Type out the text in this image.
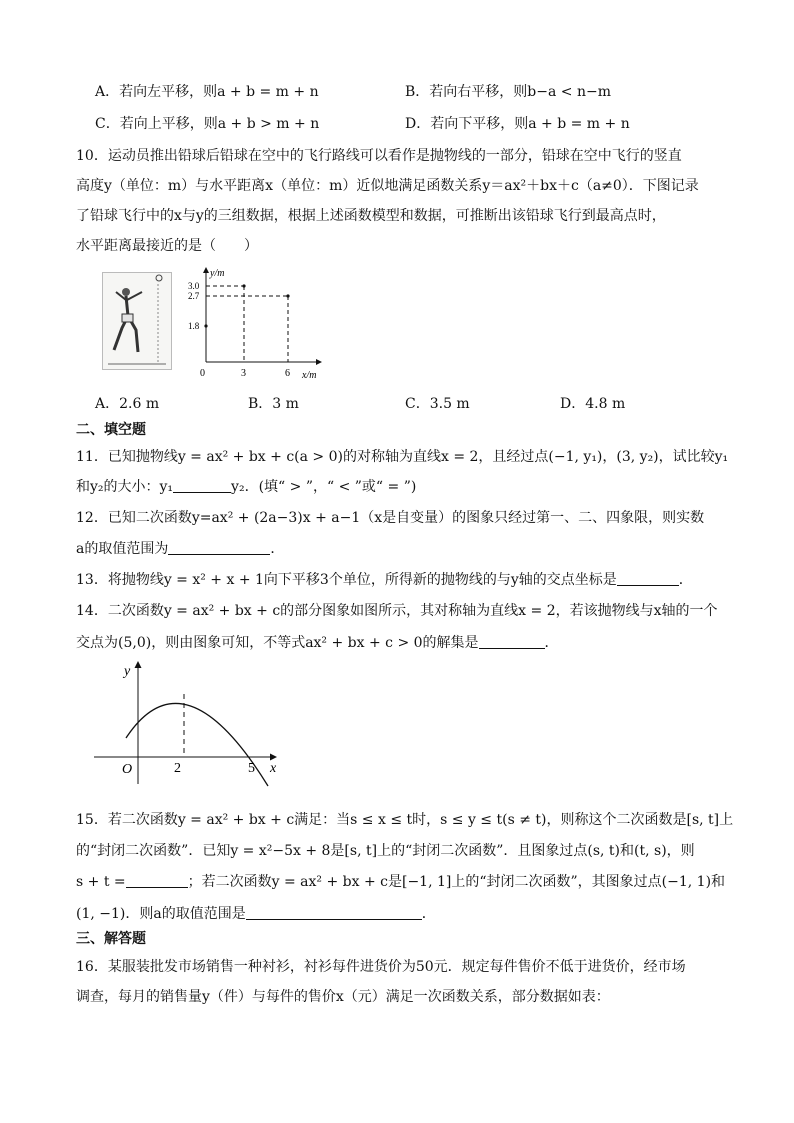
A．若向左平移，则a + b = m + n	B．若向右平移，则b−a < n−m
C．若向上平移，则a + b > m + n	D．若向下平移，则a + b = m + n
10．运动员推出铅球后铅球在空中的飞行路线可以看作是抛物线的一部分，铅球在空中飞行的竖直
高度y（单位：m）与水平距离x（单位：m）近似地满足函数关系y＝ax²＋bx＋c（a≠0）．下图记录
了铅球飞行中的x与y的三组数据，根据上述函数模型和数据，可推断出该铅球飞行到最高点时，
水平距离最接近的是（　　）
y/m
x/m
3.0
2.7
1.8
0	3	6
A．2.6 m	B．3 m	C．3.5 m	D．4.8 m
二、填空题
11．已知抛物线y = ax² + bx + c(a > 0)的对称轴为直线x = 2，且经过点(−1, y₁)，(3, y₂)，试比较y₁
和y₂的大小：y₁	y₂．(填“ > ”，“ < ”或“ = ”)
12．已知二次函数y=ax² + (2a−3)x + a−1（x是自变量）的图象只经过第一、二、四象限，则实数
a的取值范围为	．
13．将抛物线y = x² + x + 1向下平移3个单位，所得新的抛物线的与y轴的交点坐标是	．
14．二次函数y = ax² + bx + c的部分图象如图所示，其对称轴为直线x = 2，若该抛物线与x轴的一个
交点为(5,0)，则由图象可知，不等式ax² + bx + c > 0的解集是	．
y
x
O	2	5
15．若二次函数y = ax² + bx + c满足：当s ≤ x ≤ t时，s ≤ y ≤ t(s ≠ t)，则称这个二次函数是[s, t]上
的“封闭二次函数”．已知y = x²−5x + 8是[s, t]上的“封闭二次函数”．且图象过点(s, t)和(t, s)，则
s + t =	；若二次函数y = ax² + bx + c是[−1, 1]上的“封闭二次函数”，其图象过点(−1, 1)和
(1, −1)．则a的取值范围是	．
三、解答题
16．某服装批发市场销售一种衬衫，衬衫每件进货价为50元．规定每件售价不低于进货价，经市场
调查，每月的销售量y（件）与每件的售价x（元）满足一次函数关系，部分数据如表：
